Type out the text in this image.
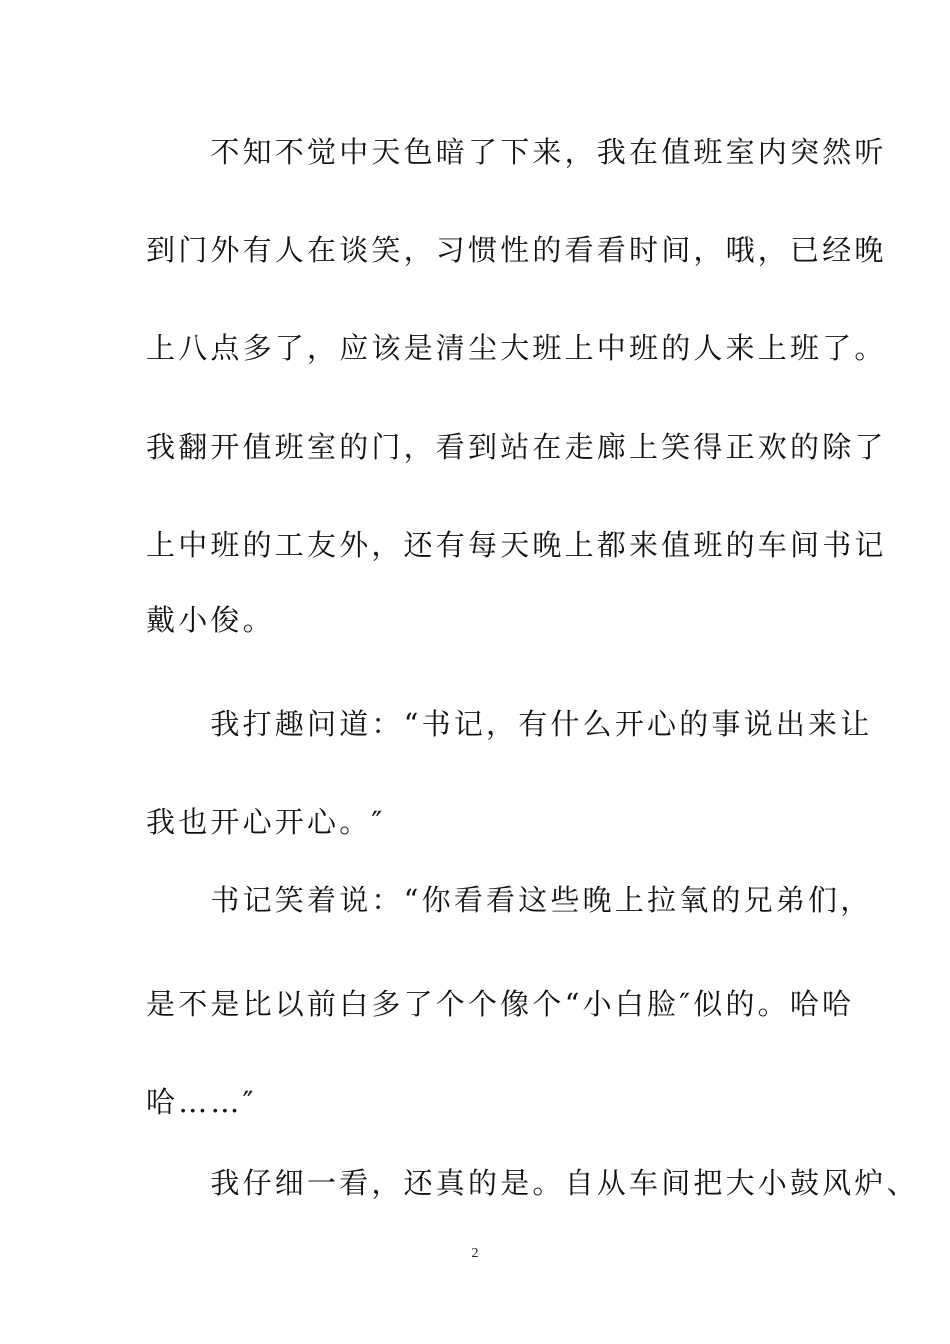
　　不知不觉中天色暗了下来，我在值班室内突然听
到门外有人在谈笑，习惯性的看看时间，哦，已经晚
上八点多了，应该是清尘大班上中班的人来上班了。
我翻开值班室的门，看到站在走廊上笑得正欢的除了
上中班的工友外，还有每天晚上都来值班的车间书记
戴小俊。
　　我打趣问道：“书记，有什么开心的事说出来让
我也开心开心。″
　　书记笑着说：“你看看这些晚上拉氧的兄弟们，
是不是比以前白多了个个像个“小白脸″似的。哈哈
哈……″
　　我仔细一看，还真的是。自从车间把大小鼓风炉、
2
